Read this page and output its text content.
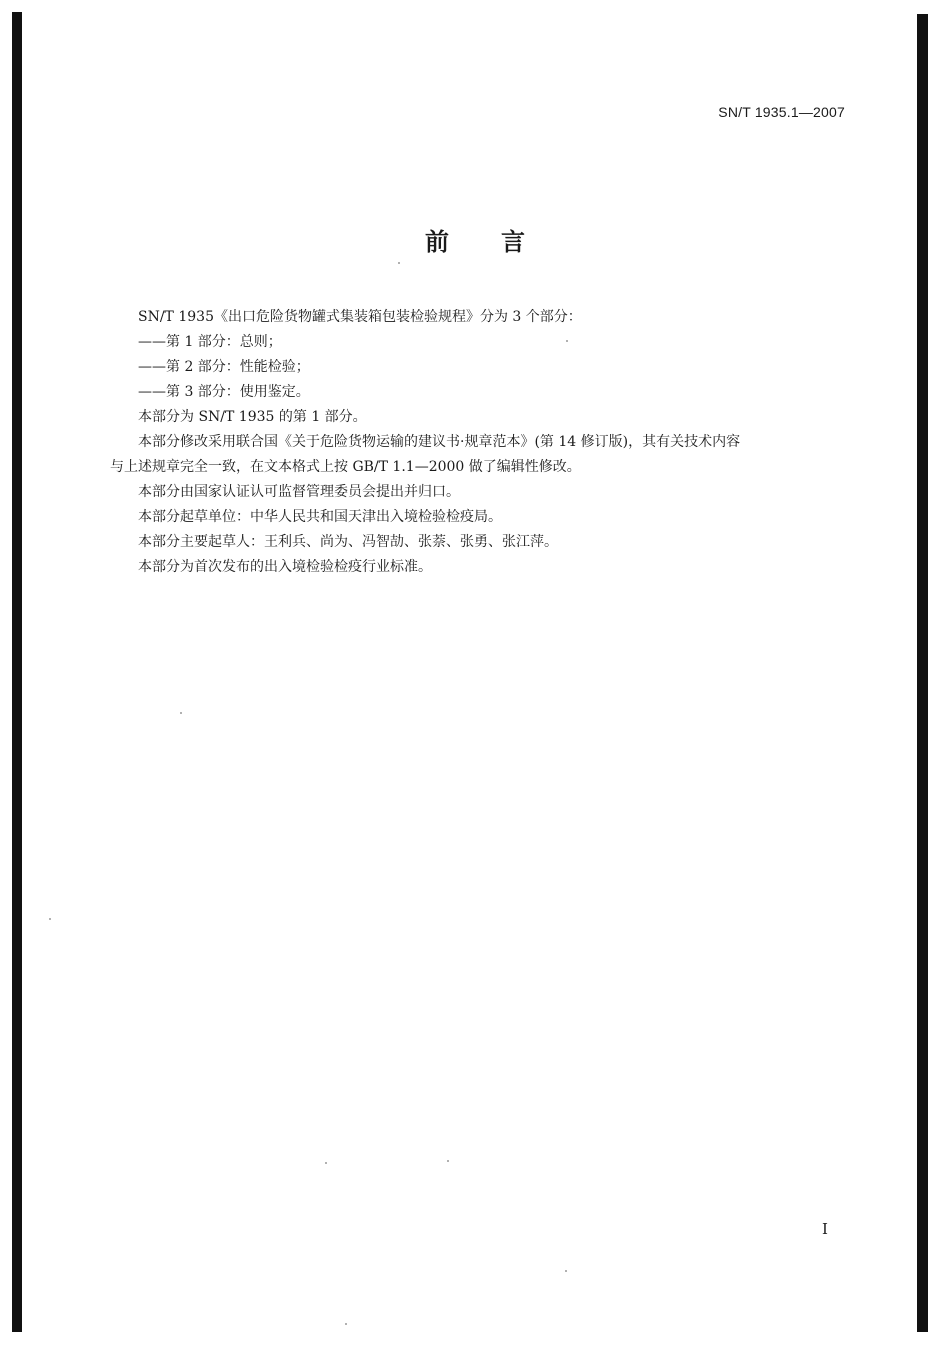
SN/T 1935.1—2007
前 言
SN/T 1935《出口危险货物罐式集装箱包装检验规程》分为 3 个部分：
——第 1 部分：总则；
——第 2 部分：性能检验；
——第 3 部分：使用鉴定。
本部分为 SN/T 1935 的第 1 部分。
本部分修改采用联合国《关于危险货物运输的建议书·规章范本》(第 14 修订版)，其有关技术内容
与上述规章完全一致，在文本格式上按 GB/T 1.1—2000 做了编辑性修改。
本部分由国家认证认可监督管理委员会提出并归口。
本部分起草单位：中华人民共和国天津出入境检验检疫局。
本部分主要起草人：王利兵、尚为、冯智劼、张萘、张勇、张江萍。
本部分为首次发布的出入境检验检疫行业标准。
I
